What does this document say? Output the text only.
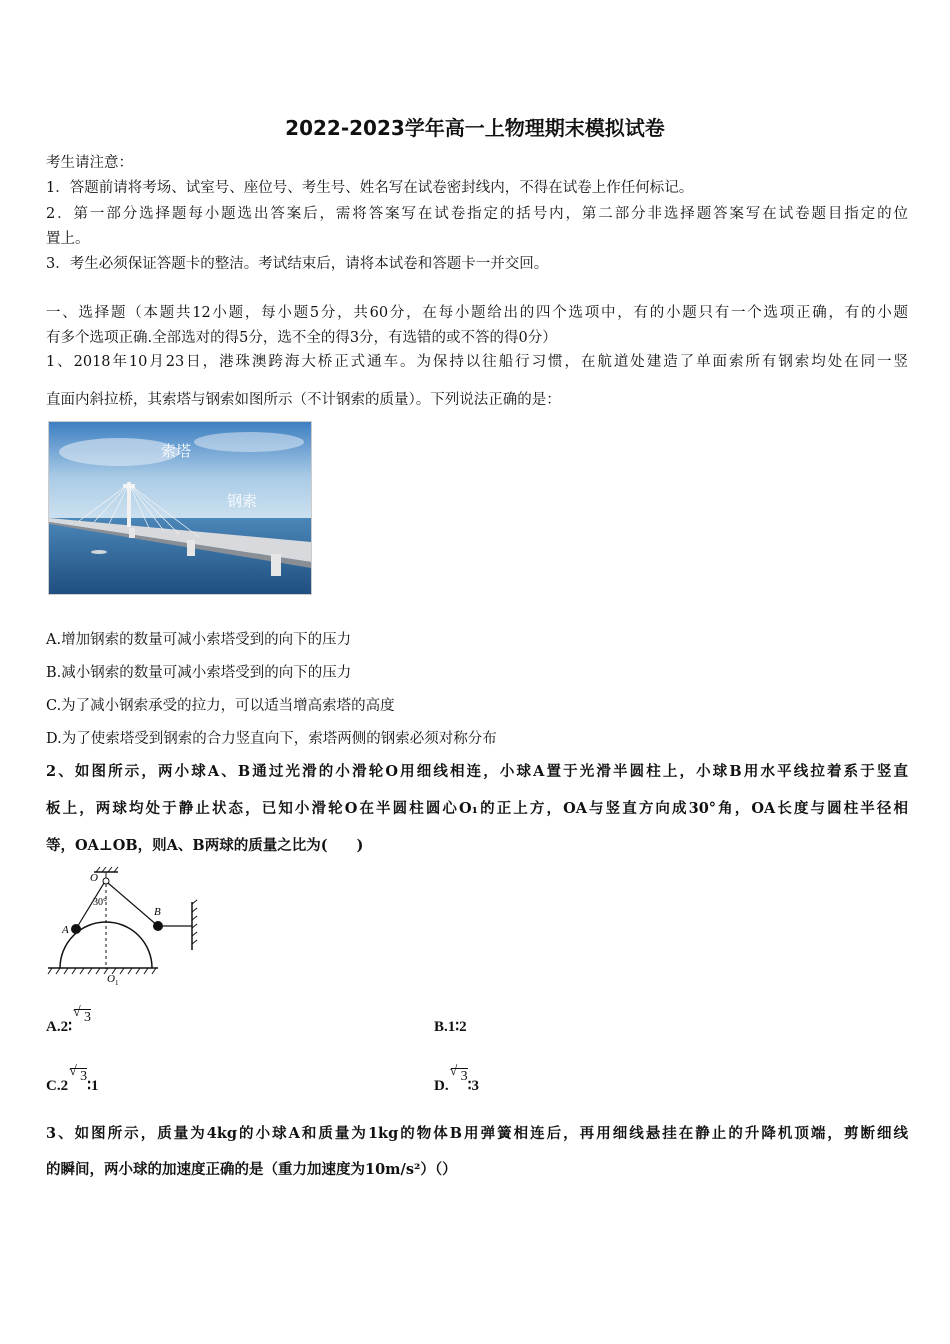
2022-2023学年高一上物理期末模拟试卷
考生请注意：
1．答题前请将考场、试室号、座位号、考生号、姓名写在试卷密封线内，不得在试卷上作任何标记。
2．第一部分选择题每小题选出答案后，需将答案写在试卷指定的括号内，第二部分非选择题答案写在试卷题目指定的位
置上。
3．考生必须保证答题卡的整洁。考试结束后，请将本试卷和答题卡一并交回。
一、选择题（本题共12小题，每小题5分，共60分，在每小题给出的四个选项中，有的小题只有一个选项正确，有的小题
有多个选项正确.全部选对的得5分，选不全的得3分，有选错的或不答的得0分）
1、2018年10月23日，港珠澳跨海大桥正式通车。为保持以往船行习惯，在航道处建造了单面索所有钢索均处在同一竖
直面内斜拉桥，其索塔与钢索如图所示（不计钢索的质量）。下列说法正确的是：
索塔
钢索
A.增加钢索的数量可减小索塔受到的向下的压力
B.减小钢索的数量可减小索塔受到的向下的压力
C.为了减小钢索承受的拉力，可以适当增高索塔的高度
D.为了使索塔受到钢索的合力竖直向下，索塔两侧的钢索必须对称分布
2、如图所示，两小球A、B通过光滑的小滑轮O用细线相连，小球A置于光滑半圆柱上，小球B用水平线拉着系于竖直
板上，两球均处于静止状态，已知小滑轮O在半圆柱圆心O₁的正上方，OA与竖直方向成30°角，OA长度与圆柱半径相
等，OA⊥OB，则A、B两球的质量之比为(　　)
O
30°
A
B
O 1
A.2∶√ 3
B.1∶2
C.2√ 3∶1	D.√ 3∶3
3、如图所示，质量为4kg的小球A和质量为1kg的物体B用弹簧相连后，再用细线悬挂在静止的升降机顶端，剪断细线
的瞬间，两小球的加速度正确的是（重力加速度为10m/s²）（）
